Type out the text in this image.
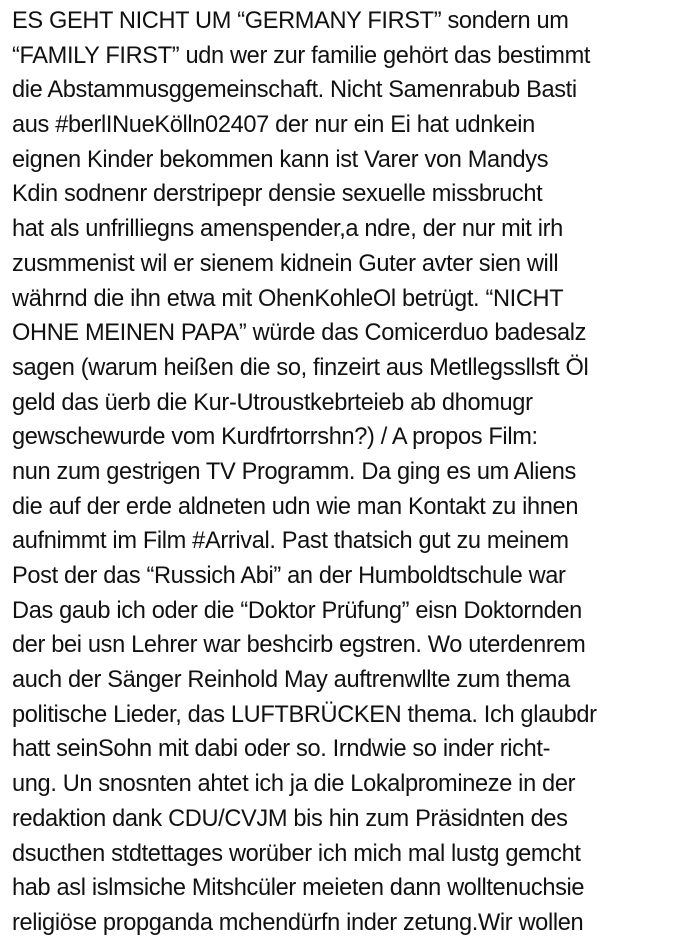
ES GEHT NICHT UM “GERMANY FIRST” sondern um
“FAMILY FIRST” udn wer zur familie gehört das bestimmt
die Abstammusggemeinschaft. Nicht Samenrabub Basti
aus #berlINueKölln02407 der nur ein Ei hat udnkein
eignen Kinder bekommen kann ist Varer von Mandys
Kdin sodnenr derstripepr densie sexuelle missbrucht
hat als unfrilliegns amenspender,a ndre, der nur mit irh
zusmmenist wil er sienem kidnein Guter avter sien will
währnd die ihn etwa mit OhenKohleOl betrügt. “NICHT
OHNE MEINEN PAPA” würde das Comicerduo badesalz
sagen (warum heißen die so, finzeirt aus Metllegssllsft Öl
geld das üerb die Kur-Utroustkebrteieb ab dhomugr
gewschewurde vom Kurdfrtorrshn?) / A propos Film:
nun zum gestrigen TV Programm. Da ging es um Aliens
die auf der erde aldneten udn wie man Kontakt zu ihnen
aufnimmt im Film #Arrival. Past thatsich gut zu meinem
Post der das “Russich Abi” an der Humboldtschule war
Das gaub ich oder die “Doktor Prüfung” eisn Doktornden
der bei usn Lehrer war beshcirb egstren. Wo uterdenrem
auch der Sänger Reinhold May auftrenwllte zum thema
politische Lieder, das LUFTBRÜCKEN thema. Ich glaubdr
hatt seinSohn mit dabi oder so. Irndwie so inder richt-
ung. Un snosnten ahtet ich ja die Lokalpromineze in der
redaktion dank CDU/CVJM bis hin zum Präsidnten des
dsucthen stdtettages worüber ich mich mal lustg gemcht
hab asl islmsiche Mitshcüler meieten dann wolltenuchsie
religiöse propganda mchendürfn inder zetung.Wir wollen
